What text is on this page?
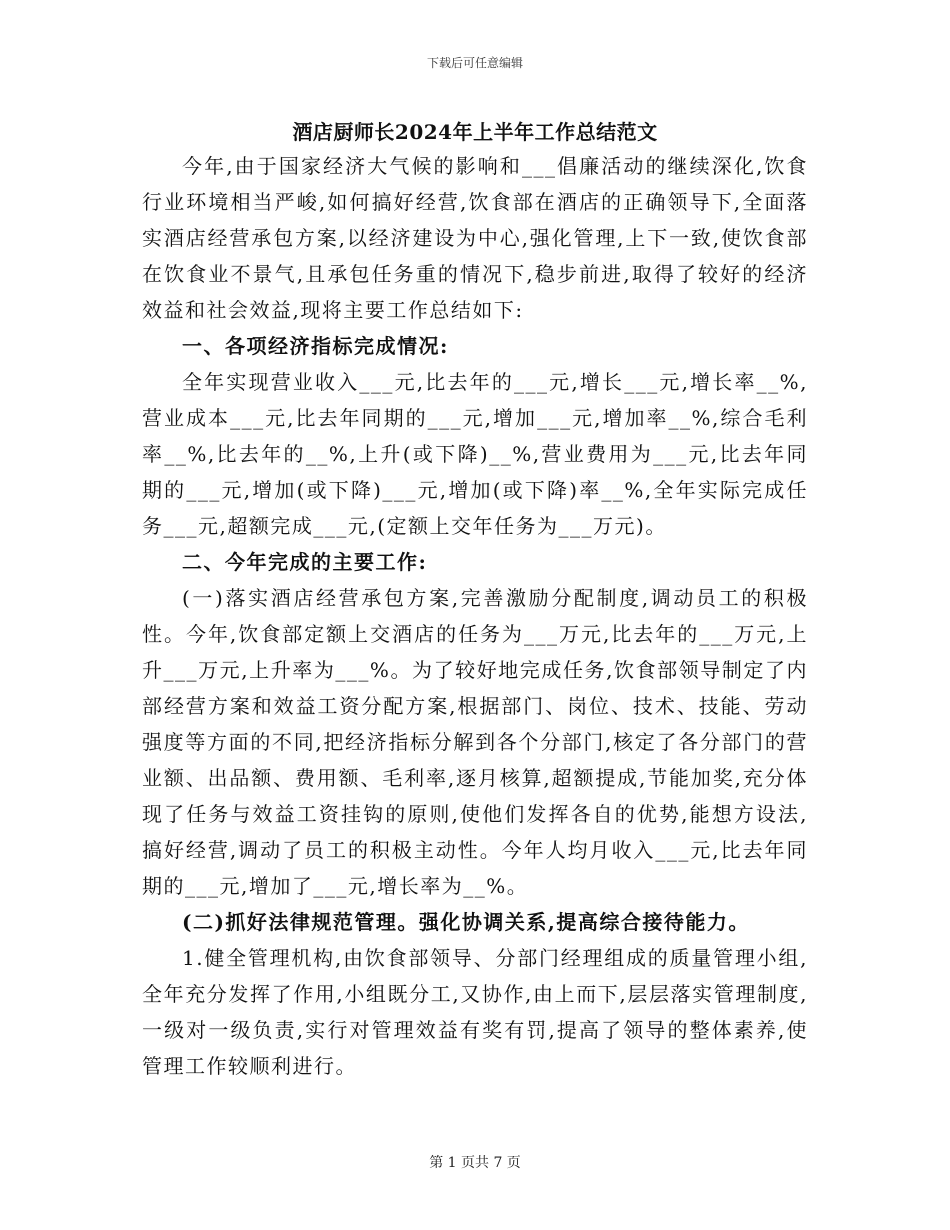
下载后可任意编辑
酒店厨师长2024年上半年工作总结范文

今年,由于国家经济大气候的影响和___倡廉活动的继续深化,饮食行业环境相当严峻,如何搞好经营,饮食部在酒店的正确领导下,全面落实酒店经营承包方案,以经济建设为中心,强化管理,上下一致,使饮食部在饮食业不景气,且承包任务重的情况下,稳步前进,取得了较好的经济效益和社会效益,现将主要工作总结如下:

一、各项经济指标完成情况:

全年实现营业收入___元,比去年的___元,增长___元,增长率__%,营业成本___元,比去年同期的___元,增加___元,增加率__%,综合毛利率__%,比去年的__%,上升(或下降)__%,营业费用为___元,比去年同期的___元,增加(或下降)___元,增加(或下降)率__%,全年实际完成任务___元,超额完成___元,(定额上交年任务为___万元)。

二、今年完成的主要工作:

(一)落实酒店经营承包方案,完善激励分配制度,调动员工的积极性。今年,饮食部定额上交酒店的任务为___万元,比去年的___万元,上升___万元,上升率为___%。为了较好地完成任务,饮食部领导制定了内部经营方案和效益工资分配方案,根据部门、岗位、技术、技能、劳动强度等方面的不同,把经济指标分解到各个分部门,核定了各分部门的营业额、出品额、费用额、毛利率,逐月核算,超额提成,节能加奖,充分体现了任务与效益工资挂钩的原则,使他们发挥各自的优势,能想方设法,搞好经营,调动了员工的积极主动性。今年人均月收入___元,比去年同期的___元,增加了___元,增长率为__%。

(二)抓好法律规范管理。强化协调关系,提高综合接待能力。

1.健全管理机构,由饮食部领导、分部门经理组成的质量管理小组,全年充分发挥了作用,小组既分工,又协作,由上而下,层层落实管理制度,一级对一级负责,实行对管理效益有奖有罚,提高了领导的整体素养,使管理工作较顺利进行。

第 1 页共 7 页
